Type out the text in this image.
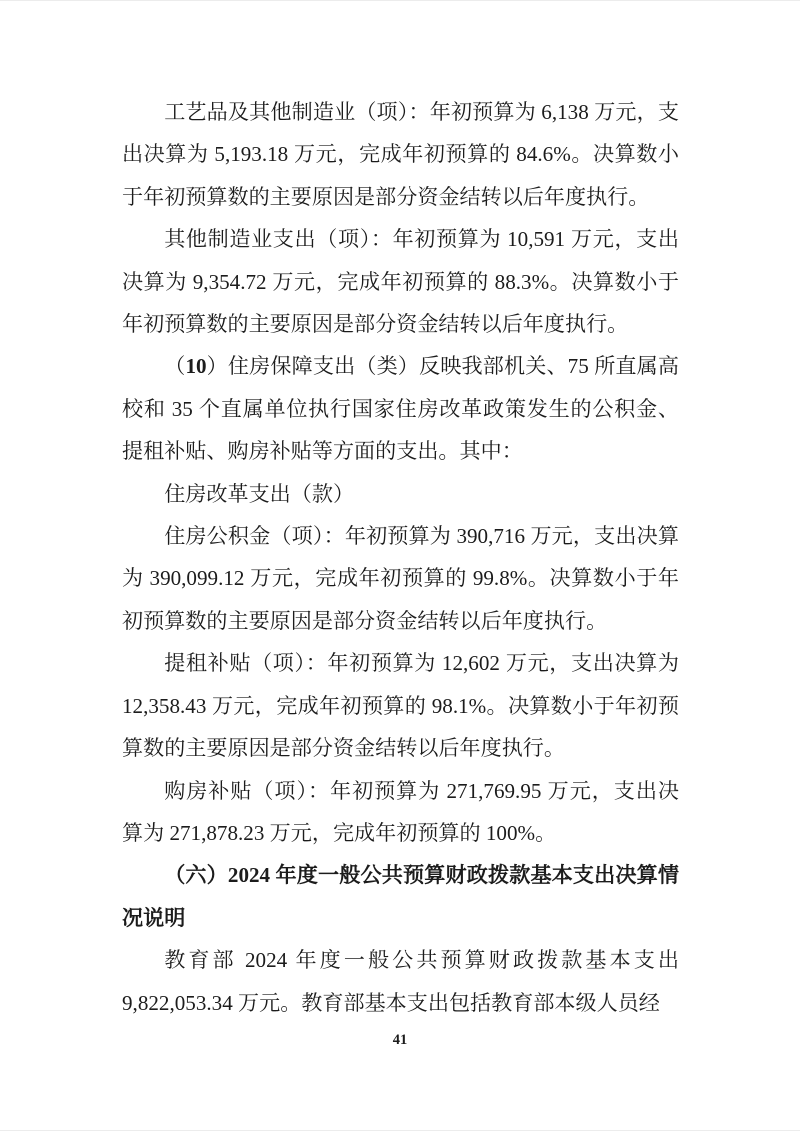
工艺品及其他制造业（项）：年初预算为 6,138 万元，支出决算为 5,193.18 万元，完成年初预算的 84.6%。决算数小于年初预算数的主要原因是部分资金结转以后年度执行。

其他制造业支出（项）：年初预算为 10,591 万元，支出决算为 9,354.72 万元，完成年初预算的 88.3%。决算数小于年初预算数的主要原因是部分资金结转以后年度执行。

（10）住房保障支出（类）反映我部机关、75 所直属高校和 35 个直属单位执行国家住房改革政策发生的公积金、提租补贴、购房补贴等方面的支出。其中：

住房改革支出（款）

住房公积金（项）：年初预算为 390,716 万元，支出决算为 390,099.12 万元，完成年初预算的 99.8%。决算数小于年初预算数的主要原因是部分资金结转以后年度执行。

提租补贴（项）：年初预算为 12,602 万元，支出决算为 12,358.43 万元，完成年初预算的 98.1%。决算数小于年初预算数的主要原因是部分资金结转以后年度执行。

购房补贴（项）：年初预算为 271,769.95 万元，支出决算为 271,878.23 万元，完成年初预算的 100%。

（六）2024 年度一般公共预算财政拨款基本支出决算情况说明

教育部 2024 年度一般公共预算财政拨款基本支出 9,822,053.34 万元。教育部基本支出包括教育部本级人员经

41
